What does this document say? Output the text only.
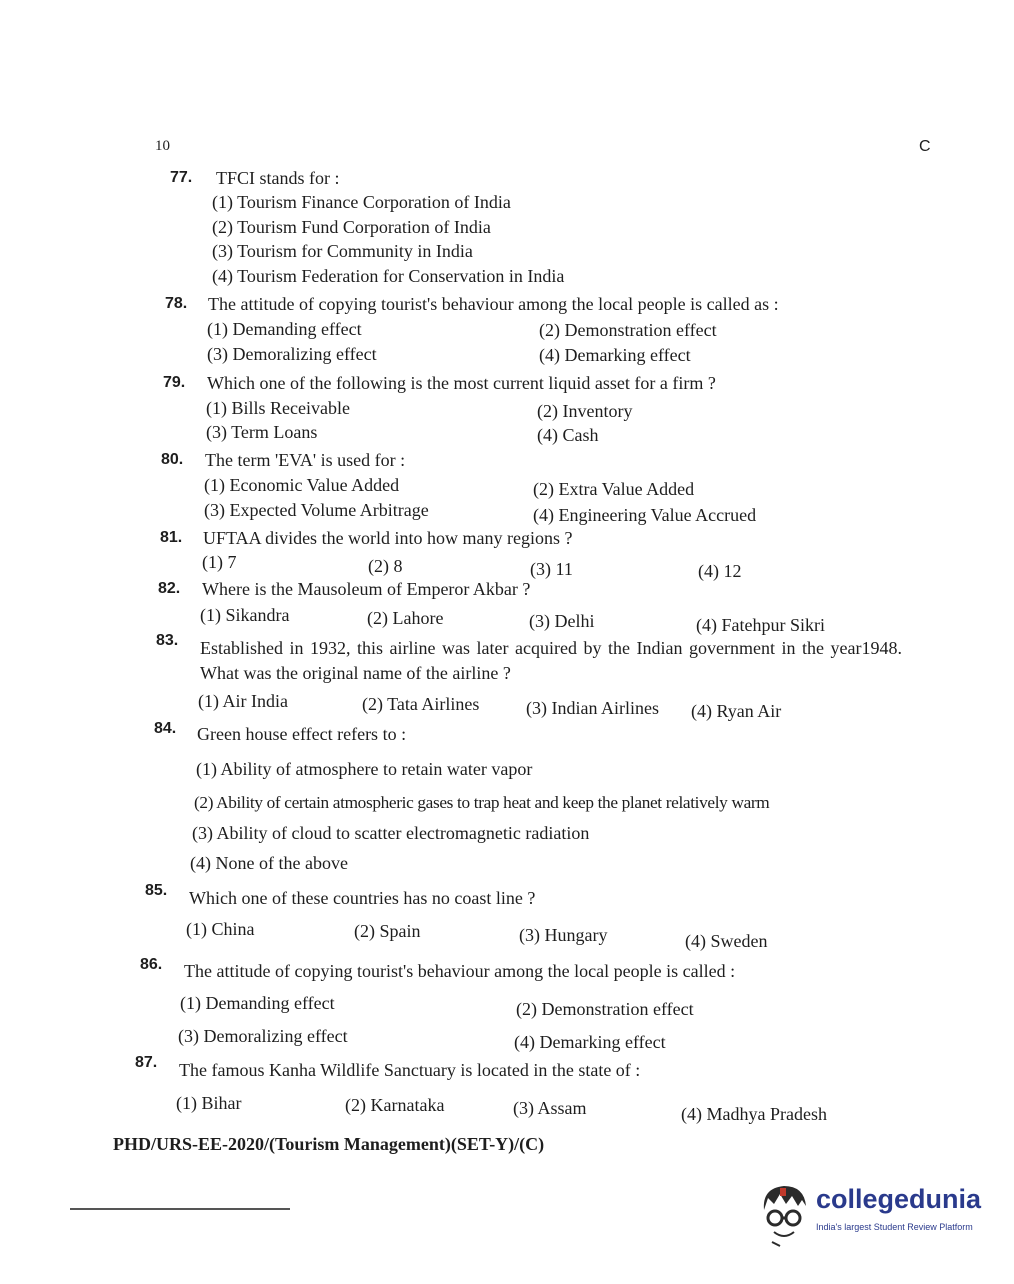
10	C
77. TFCI stands for :
(1) Tourism Finance Corporation of India
(2) Tourism Fund Corporation of India
(3) Tourism for Community in India
(4) Tourism Federation for Conservation in India
78. The attitude of copying tourist's behaviour among the local people is called as :
(1) Demanding effect	(2) Demonstration effect
(3) Demoralizing effect	(4) Demarking effect
79. Which one of the following is the most current liquid asset for a firm ?
(1) Bills Receivable	(2) Inventory
(3) Term Loans	(4) Cash
80. The term 'EVA' is used for :
(1) Economic Value Added	(2) Extra Value Added
(3) Expected Volume Arbitrage	(4) Engineering Value Accrued
81. UFTAA divides the world into how many regions ?
(1) 7	(2) 8	(3) 11	(4) 12
82. Where is the Mausoleum of Emperor Akbar ?
(1) Sikandra	(2) Lahore	(3) Delhi	(4) Fatehpur Sikri
83. Established in 1932, this airline was later acquired by the Indian government in the year1948. What was the original name of the airline ?
(1) Air India	(2) Tata Airlines	(3) Indian Airlines (4) Ryan Air
84. Green house effect refers to :
(1) Ability of atmosphere to retain water vapor
(2) Ability of certain atmospheric gases to trap heat and keep the planet relatively warm
(3) Ability of cloud to scatter electromagnetic radiation
(4) None of the above
85. Which one of these countries has no coast line ?
(1) China	(2) Spain	(3) Hungary	(4) Sweden
86. The attitude of copying tourist's behaviour among the local people is called :
(1) Demanding effect	(2) Demonstration effect
(3) Demoralizing effect	(4) Demarking effect
87. The famous Kanha Wildlife Sanctuary is located in the state of :
(1) Bihar	(2) Karnataka	(3) Assam	(4) Madhya Pradesh
PHD/URS-EE-2020/(Tourism Management)(SET-Y)/(C)
collegedunia
India's largest Student Review Platform
